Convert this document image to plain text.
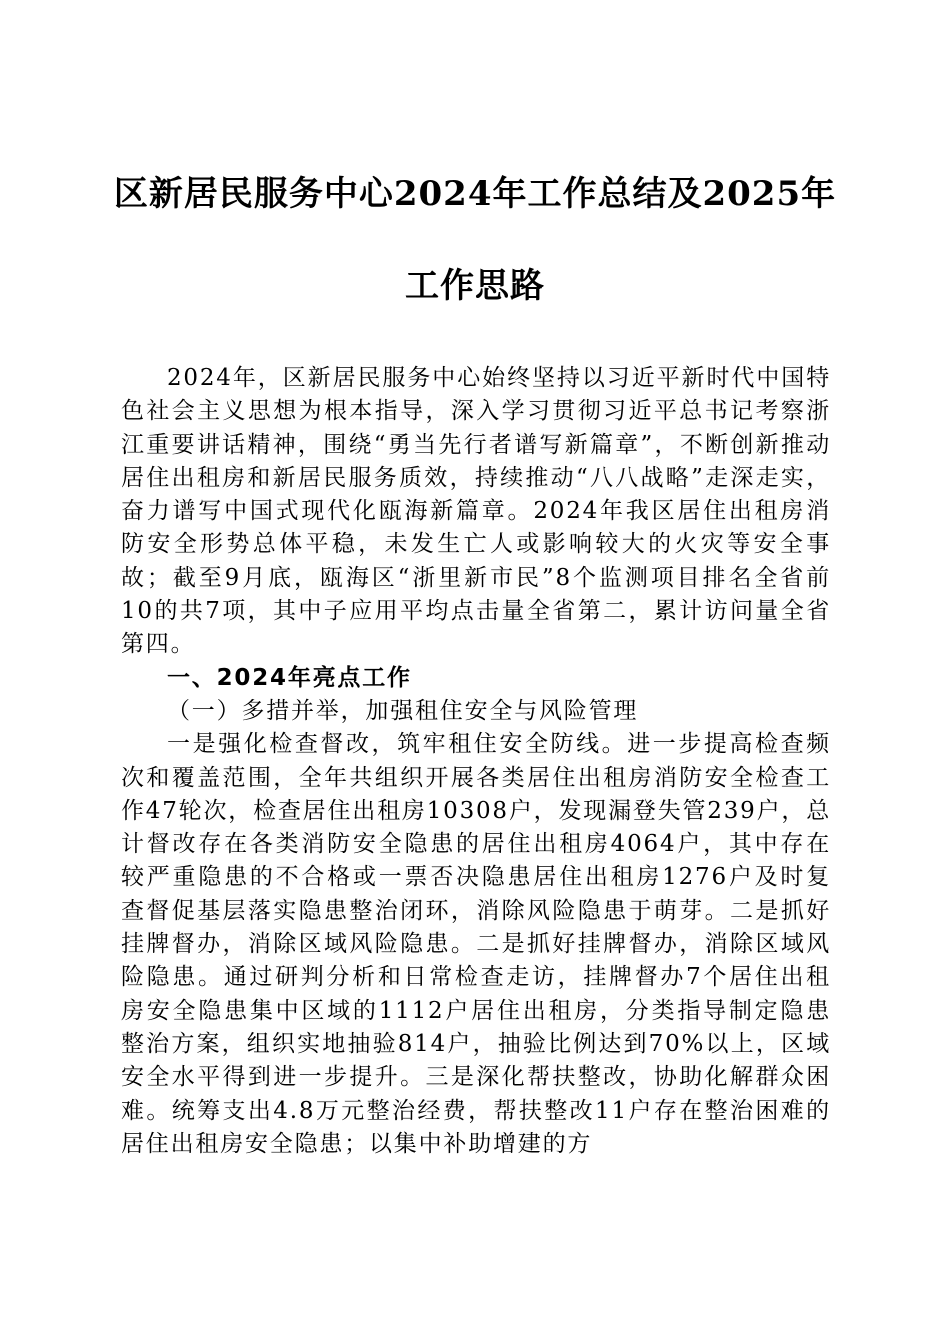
区新居民服务中心2024年工作总结及2025年
工作思路

2024年，区新居民服务中心始终坚持以习近平新时代中国特色社会主义思想为根本指导，深入学习贯彻习近平总书记考察浙江重要讲话精神，围绕“勇当先行者谱写新篇章”，不断创新推动居住出租房和新居民服务质效，持续推动“八八战略”走深走实，奋力谱写中国式现代化瓯海新篇章。2024年我区居住出租房消防安全形势总体平稳，未发生亡人或影响较大的火灾等安全事故；截至9月底，瓯海区“浙里新市民”8个监测项目排名全省前10的共7项，其中子应用平均点击量全省第二，累计访问量全省第四。

一、2024年亮点工作

（一）多措并举，加强租住安全与风险管理

一是强化检查督改，筑牢租住安全防线。进一步提高检查频次和覆盖范围，全年共组织开展各类居住出租房消防安全检查工作47轮次，检查居住出租房10308户，发现漏登失管239户，总计督改存在各类消防安全隐患的居住出租房4064户，其中存在较严重隐患的不合格或一票否决隐患居住出租房1276户及时复查督促基层落实隐患整治闭环，消除风险隐患于萌芽。二是抓好挂牌督办，消除区域风险隐患。二是抓好挂牌督办，消除区域风险隐患。通过研判分析和日常检查走访，挂牌督办7个居住出租房安全隐患集中区域的1112户居住出租房，分类指导制定隐患整治方案，组织实地抽验814户，抽验比例达到70%以上，区域安全水平得到进一步提升。三是深化帮扶整改，协助化解群众困难。统筹支出4.8万元整治经费，帮扶整改11户存在整治困难的居住出租房安全隐患；以集中补助增建的方
